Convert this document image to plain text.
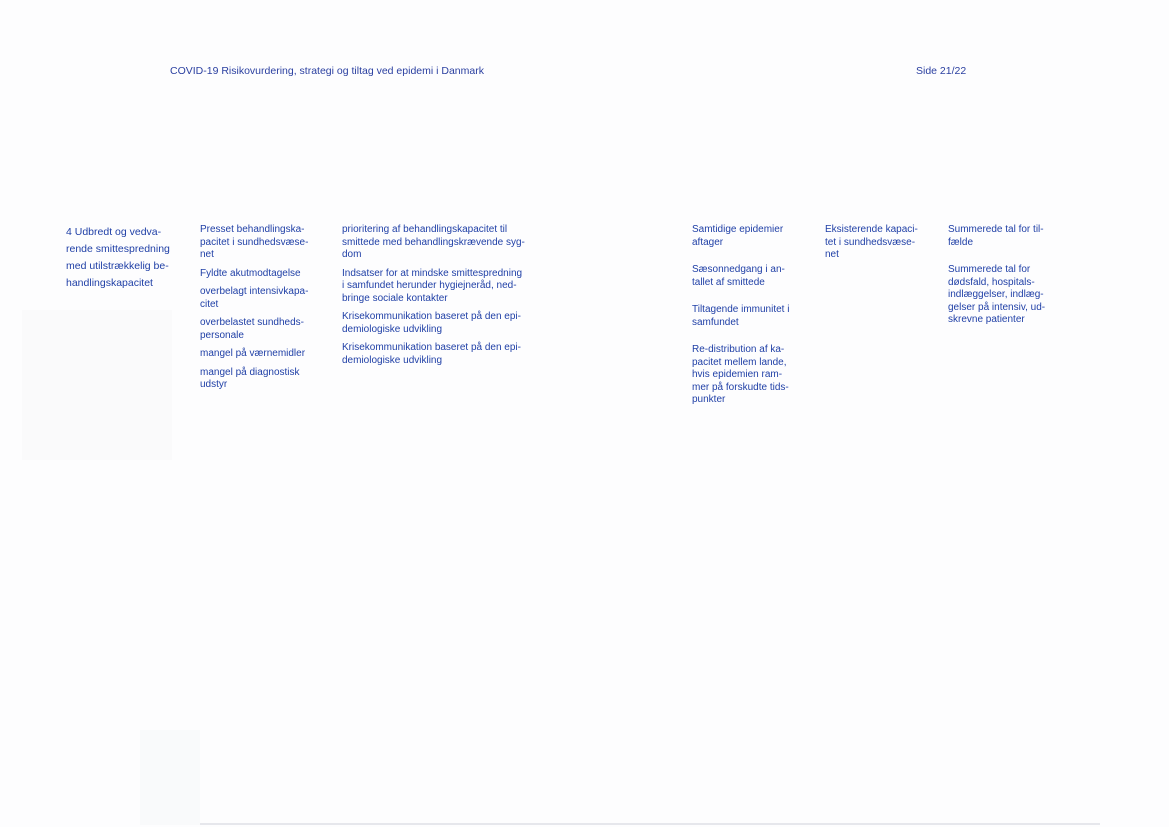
COVID-19 Risikovurdering, strategi og tiltag ved epidemi i Danmark	Side 21/22
4 Udbredt og vedva-
rende smittespredning
med utilstrækkelig be-
handlingskapacitet
Presset behandlingska-
pacitet i sundhedsvæse-
net
Fyldte akutmodtagelse
overbelagt intensivkapa-
citet
overbelastet sundheds-
personale
mangel på værnemidler
mangel på diagnostisk
udstyr
prioritering af behandlingskapacitet til
smittede med behandlingskrævende syg-
dom
Indsatser for at mindske smittespredning
i samfundet herunder hygiejneråd, ned-
bringe sociale kontakter
Krisekommunikation baseret på den epi-
demiologiske udvikling
Krisekommunikation baseret på den epi-
demiologiske udvikling
Samtidige epidemier
aftager
Sæsonnedgang i an-
tallet af smittede
Tiltagende immunitet i
samfundet
Re-distribution af ka-
pacitet mellem lande,
hvis epidemien ram-
mer på forskudte tids-
punkter
Eksisterende kapaci-
tet i sundhedsvæse-
net
Summerede tal for til-
fælde
Summerede tal for
dødsfald, hospitals-
indlæggelser, indlæg-
gelser på intensiv, ud-
skrevne patienter
